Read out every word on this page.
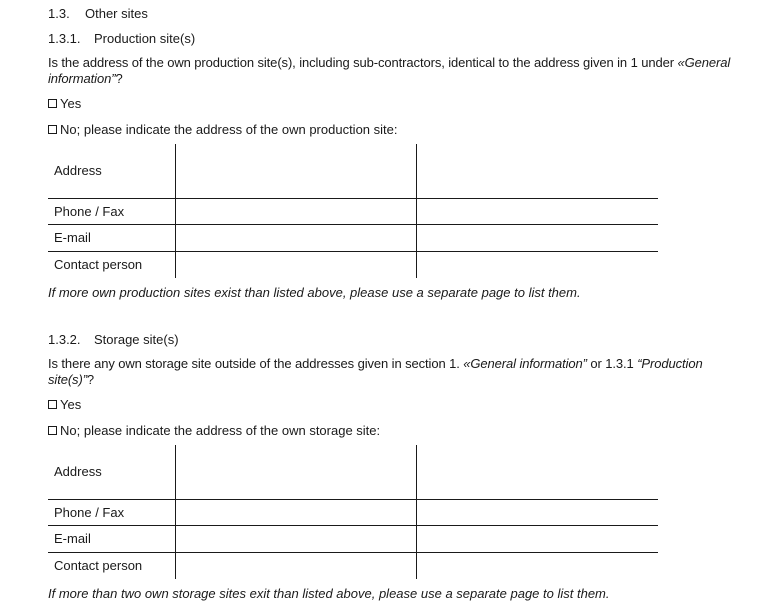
1.3. Other sites
1.3.1. Production site(s)
Is the address of the own production site(s), including sub-contractors, identical to the address given in 1 under «General
information”?
Yes
No; please indicate the address of the own production site:
Address		
Phone / Fax		
E-mail		
Contact person		
If more own production sites exist than listed above, please use a separate page to list them.
1.3.2. Storage site(s)
Is there any own storage site outside of the addresses given in section 1. «General information” or 1.3.1 “Production
site(s)”?
Yes
No; please indicate the address of the own storage site:
Address		
Phone / Fax		
E-mail		
Contact person		
If more than two own storage sites exit than listed above, please use a separate page to list them.
